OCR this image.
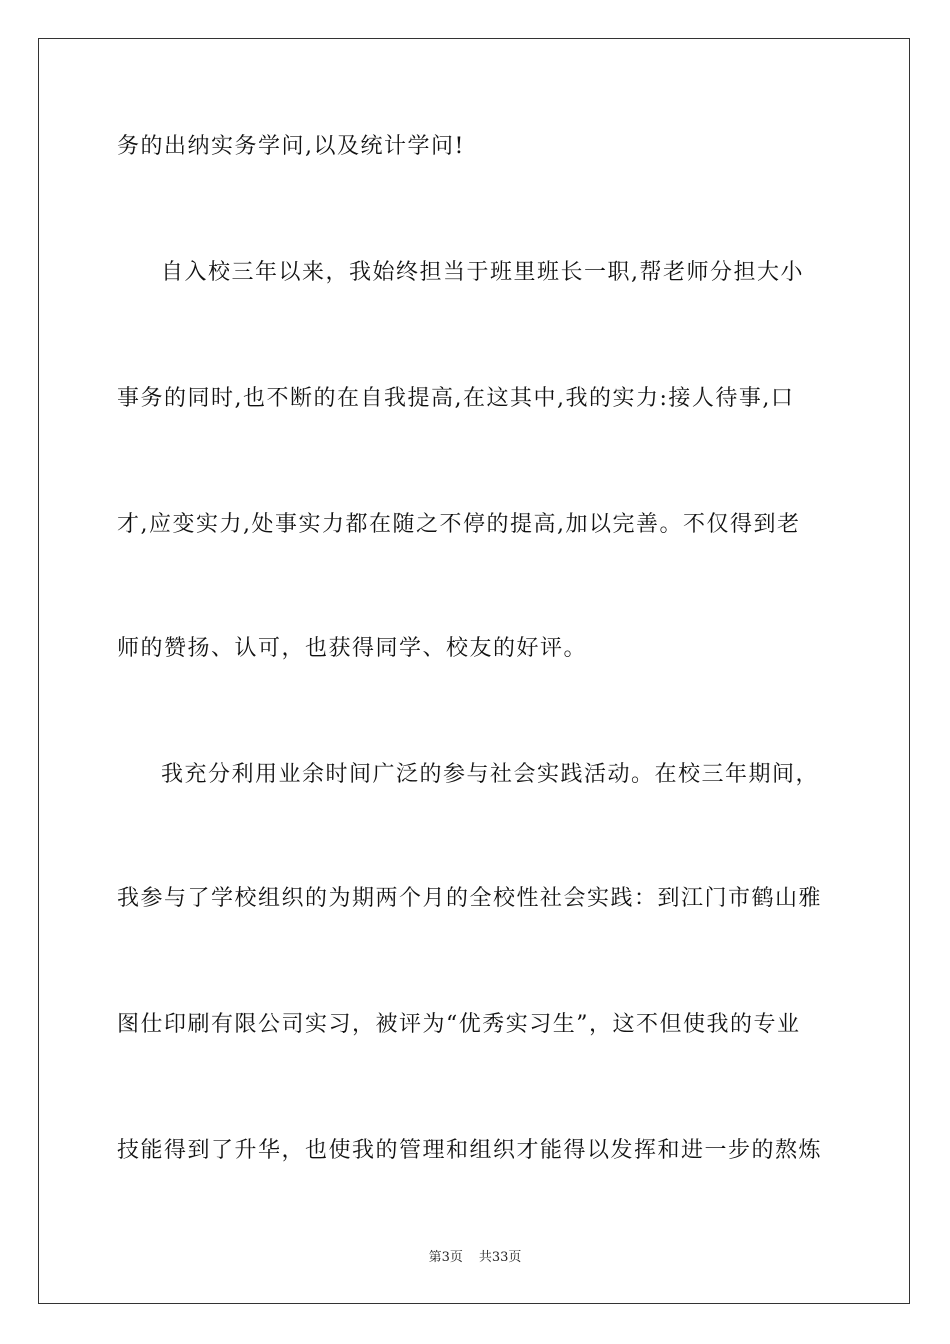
务的出纳实务学问,以及统计学问!
自入校三年以来，我始终担当于班里班长一职,帮老师分担大小
事务的同时,也不断的在自我提高,在这其中,我的实力:接人待事,口
才,应变实力,处事实力都在随之不停的提高,加以完善。不仅得到老
师的赞扬、认可，也获得同学、校友的好评。
我充分利用业余时间广泛的参与社会实践活动。在校三年期间，
我参与了学校组织的为期两个月的全校性社会实践：到江门市鹤山雅
图仕印刷有限公司实习，被评为“优秀实习生”，这不但使我的专业
技能得到了升华，也使我的管理和组织才能得以发挥和进一步的熬炼
第3页 共33页
